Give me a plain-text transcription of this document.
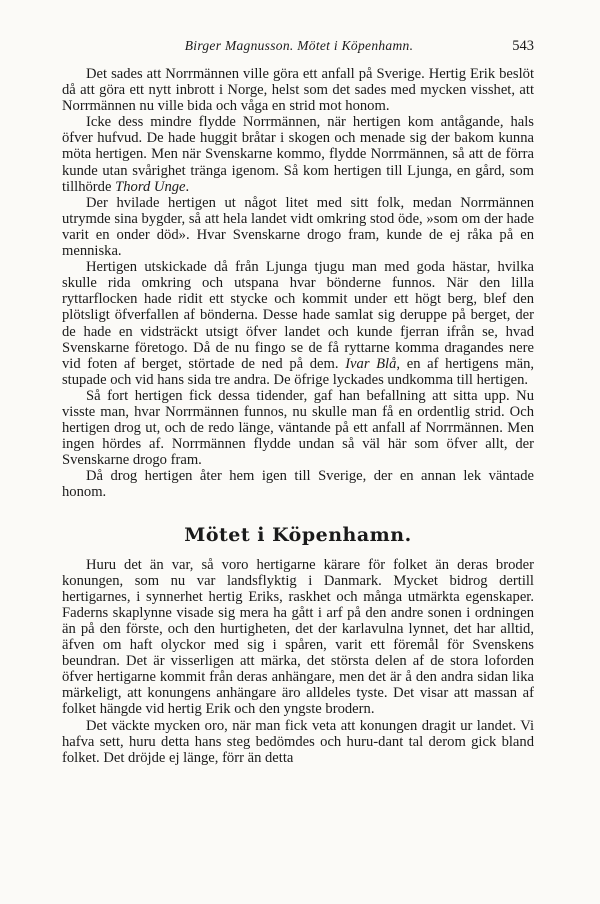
Birger Magnusson. Mötet i Köpenhamn.	543

Det sades att Norrmännen ville göra ett anfall på Sverige. Hertig Erik beslöt då att göra ett nytt inbrott i Norge, helst som det sades med mycken visshet, att Norrmännen nu ville bida och våga en strid mot honom.

Icke dess mindre flydde Norrmännen, när hertigen kom antågande, hals öfver hufvud. De hade huggit bråtar i skogen och menade sig der bakom kunna möta hertigen. Men när Svenskarne kommo, flydde Norrmännen, så att de förra kunde utan svårighet tränga igenom. Så kom hertigen till Ljunga, en gård, som tillhörde Thord Unge.

Der hvilade hertigen ut något litet med sitt folk, medan Norrmännen utrymde sina bygder, så att hela landet vidt omkring stod öde, »som om der hade varit en onder död». Hvar Svenskarne drogo fram, kunde de ej råka på en menniska.

Hertigen utskickade då från Ljunga tjugu man med goda hästar, hvilka skulle rida omkring och utspana hvar bönderne funnos. När den lilla ryttarflocken hade ridit ett stycke och kommit under ett högt berg, blef den plötsligt öfverfallen af bönderna. Desse hade samlat sig deruppe på berget, der de hade en vidsträckt utsigt öfver landet och kunde fjerran ifrån se, hvad Svenskarne företogo. Då de nu fingo se de få ryttarne komma dragandes nere vid foten af berget, störtade de ned på dem. Ivar Blå, en af hertigens män, stupade och vid hans sida tre andra. De öfrige lyckades undkomma till hertigen.

Så fort hertigen fick dessa tidender, gaf han befallning att sitta upp. Nu visste man, hvar Norrmännen funnos, nu skulle man få en ordentlig strid. Och hertigen drog ut, och de redo länge, väntande på ett anfall af Norrmännen. Men ingen hördes af. Norrmännen flydde undan så väl här som öfver allt, der Svenskarne drogo fram.

Då drog hertigen åter hem igen till Sverige, der en annan lek väntade honom.

Mötet i Köpenhamn.

Huru det än var, så voro hertigarne kärare för folket än deras broder konungen, som nu var landsflyktig i Danmark. Mycket bidrog dertill hertigarnes, i synnerhet hertig Eriks, raskhet och många utmärkta egenskaper. Faderns skaplynne visade sig mera ha gått i arf på den andre sonen i ordningen än på den förste, och den hurtigheten, det der karlavulna lynnet, det har alltid, äfven om haft olyckor med sig i spåren, varit ett föremål för Svenskens beundran. Det är visserligen att märka, det största delen af de stora loforden öfver hertigarne kommit från deras anhängare, men det är å den andra sidan lika märkeligt, att konungens anhängare äro alldeles tyste. Det visar att massan af folket hängde vid hertig Erik och den yngste brodern.

Det väckte mycken oro, när man fick veta att konungen dragit ur landet. Vi hafva sett, huru detta hans steg bedömdes och huru-dant tal derom gick bland folket. Det dröjde ej länge, förr än detta
